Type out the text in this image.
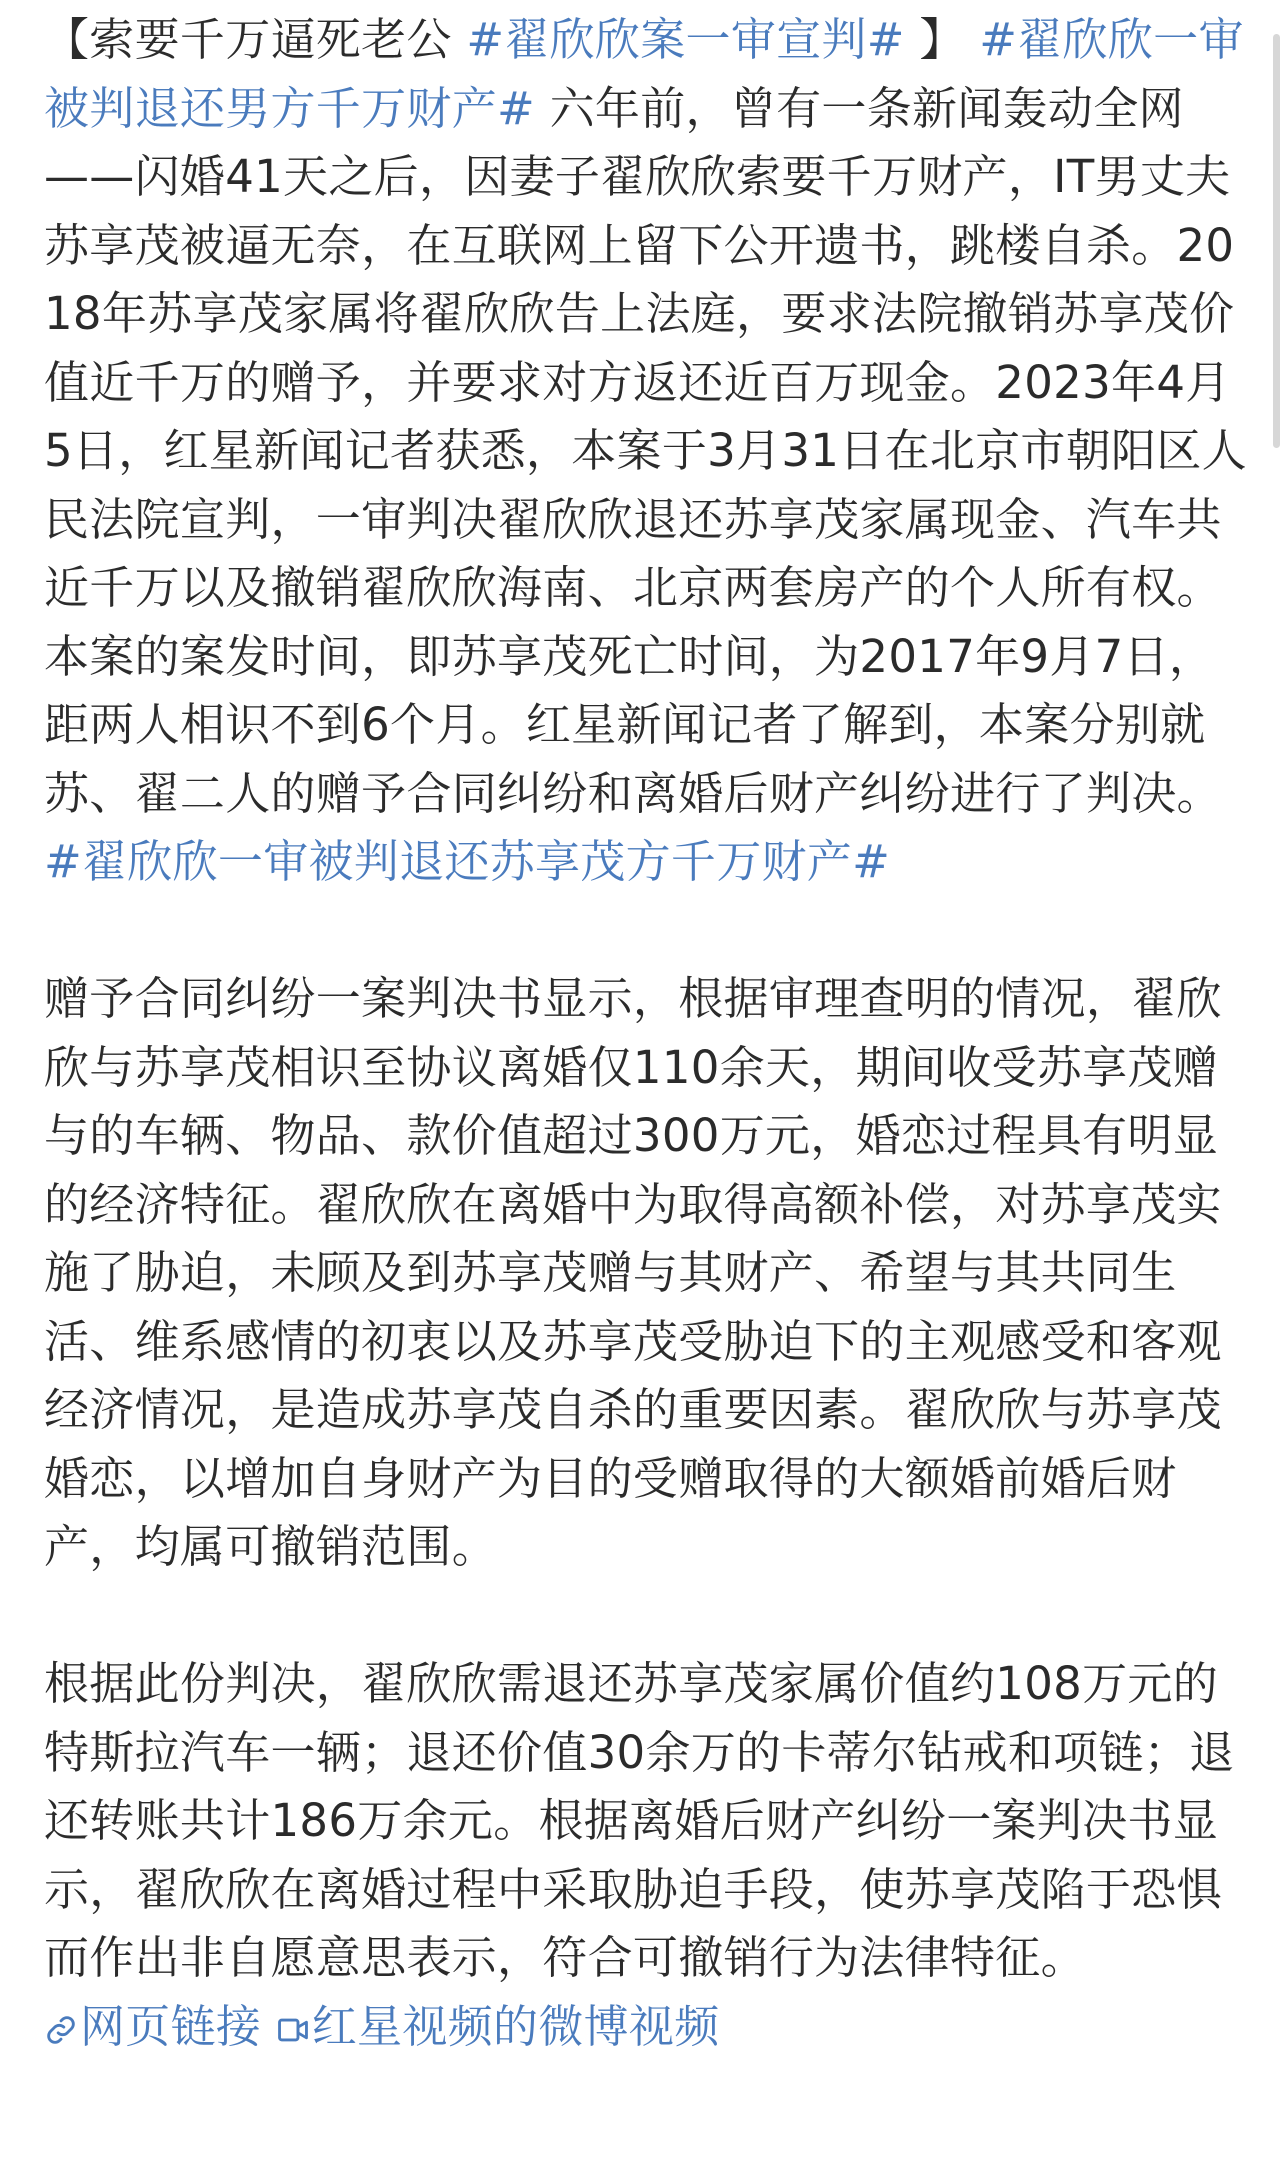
【索要千万逼死老公 #翟欣欣案一审宣判# 】 #翟欣欣一审被判退还男方千万财产# 六年前，曾有一条新闻轰动全网——闪婚41天之后，因妻子翟欣欣索要千万财产，IT男丈夫苏享茂被逼无奈，在互联网上留下公开遗书，跳楼自杀。2018年苏享茂家属将翟欣欣告上法庭，要求法院撤销苏享茂价值近千万的赠予，并要求对方返还近百万现金。2023年4月5日，红星新闻记者获悉，本案于3月31日在北京市朝阳区人民法院宣判，一审判决翟欣欣退还苏享茂家属现金、汽车共近千万以及撤销翟欣欣海南、北京两套房产的个人所有权。本案的案发时间，即苏享茂死亡时间，为2017年9月7日，距两人相识不到6个月。红星新闻记者了解到，本案分别就苏、翟二人的赠予合同纠纷和离婚后财产纠纷进行了判决。#翟欣欣一审被判退还苏享茂方千万财产#

赠予合同纠纷一案判决书显示，根据审理查明的情况，翟欣欣与苏享茂相识至协议离婚仅110余天，期间收受苏享茂赠与的车辆、物品、款价值超过300万元，婚恋过程具有明显的经济特征。翟欣欣在离婚中为取得高额补偿，对苏享茂实施了胁迫，未顾及到苏享茂赠与其财产、希望与其共同生活、维系感情的初衷以及苏享茂受胁迫下的主观感受和客观经济情况，是造成苏享茂自杀的重要因素。翟欣欣与苏享茂婚恋，以增加自身财产为目的受赠取得的大额婚前婚后财产，均属可撤销范围。

根据此份判决，翟欣欣需退还苏享茂家属价值约108万元的特斯拉汽车一辆；退还价值30余万的卡蒂尔钻戒和项链；退还转账共计186万余元。根据离婚后财产纠纷一案判决书显示，翟欣欣在离婚过程中采取胁迫手段，使苏享茂陷于恐惧而作出非自愿意思表示，符合可撤销行为法律特征。 网页链接 红星视频的微博视频
